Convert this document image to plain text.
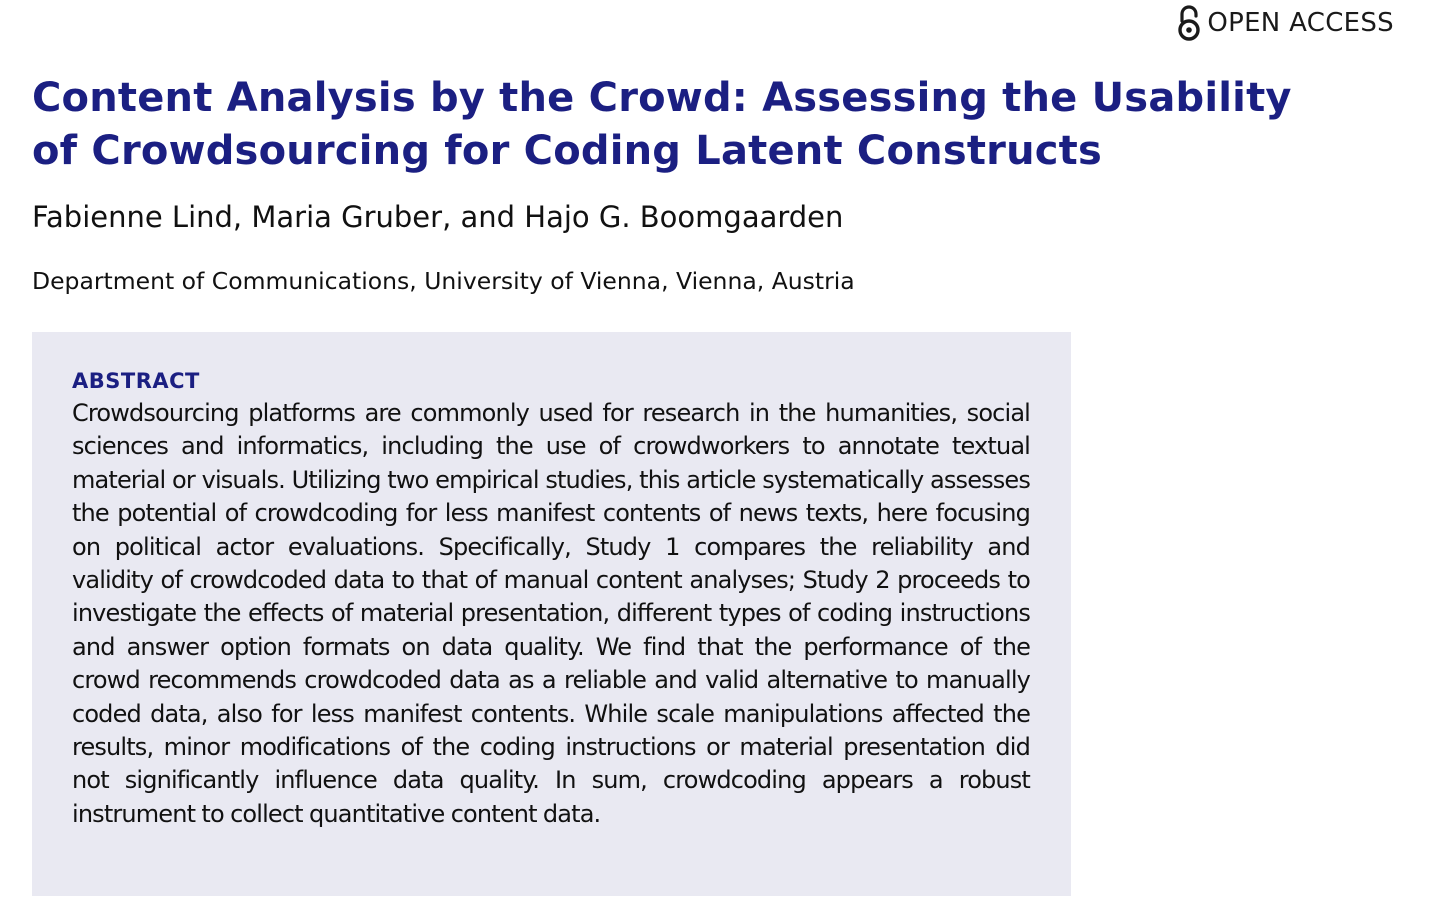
OPEN ACCESS
Content Analysis by the Crowd: Assessing the Usability of Crowdsourcing for Coding Latent Constructs

Fabienne Lind, Maria Gruber, and Hajo G. Boomgaarden

Department of Communications, University of Vienna, Vienna, Austria

ABSTRACT

Crowdsourcing platforms are commonly used for research in the humanities, social sciences and informatics, including the use of crowdworkers to annotate textual material or visuals. Utilizing two empirical studies, this article systematically assesses the potential of crowdcoding for less manifest contents of news texts, here focusing on political actor evaluations. Specifically, Study 1 compares the reliability and validity of crowdcoded data to that of manual content analyses; Study 2 proceeds to investigate the effects of material presentation, different types of coding instructions and answer option formats on data quality. We find that the performance of the crowd recommends crowdcoded data as a reliable and valid alternative to manually coded data, also for less manifest contents. While scale manipulations affected the results, minor modifications of the coding instructions or material presentation did not significantly influence data quality. In sum, crowdcoding appears a robust instrument to collect quantitative content data.
